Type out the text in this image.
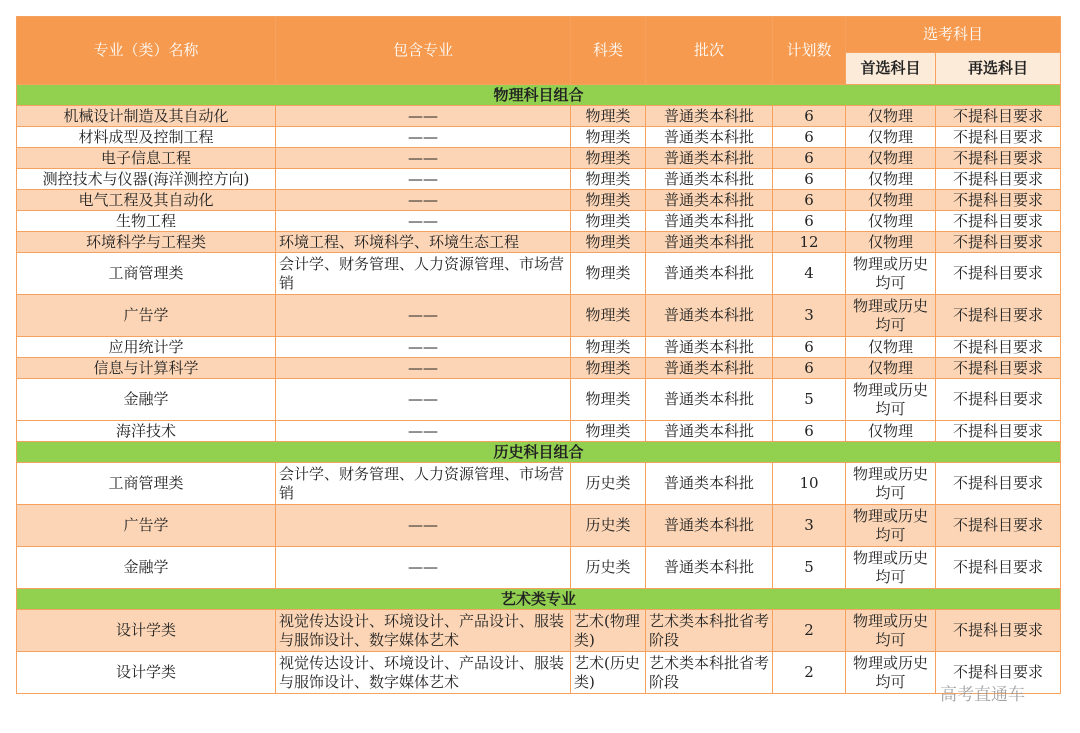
专业（类）名称	包含专业	科类	批次	计划数	选考科目	
					首选科目	再选科目
物理科目组合						
机械设计制造及其自动化	——	物理类	普通类本科批	6	仅物理	不提科目要求
材料成型及控制工程	——	物理类	普通类本科批	6	仅物理	不提科目要求
电子信息工程	——	物理类	普通类本科批	6	仅物理	不提科目要求
测控技术与仪器(海洋测控方向)	——	物理类	普通类本科批	6	仅物理	不提科目要求
电气工程及其自动化	——	物理类	普通类本科批	6	仅物理	不提科目要求
生物工程	——	物理类	普通类本科批	6	仅物理	不提科目要求
环境科学与工程类	环境工程、环境科学、环境生态工程	物理类	普通类本科批	12	仅物理	不提科目要求
工商管理类	会计学、财务管理、人力资源管理、市场营销	物理类	普通类本科批	4	物理或历史均可	不提科目要求
广告学	——	物理类	普通类本科批	3	物理或历史均可	不提科目要求
应用统计学	——	物理类	普通类本科批	6	仅物理	不提科目要求
信息与计算科学	——	物理类	普通类本科批	6	仅物理	不提科目要求
金融学	——	物理类	普通类本科批	5	物理或历史均可	不提科目要求
海洋技术	——	物理类	普通类本科批	6	仅物理	不提科目要求
历史科目组合						
工商管理类	会计学、财务管理、人力资源管理、市场营销	历史类	普通类本科批	10	物理或历史均可	不提科目要求
广告学	——	历史类	普通类本科批	3	物理或历史均可	不提科目要求
金融学	——	历史类	普通类本科批	5	物理或历史均可	不提科目要求
艺术类专业						
设计学类	视觉传达设计、环境设计、产品设计、服装与服饰设计、数字媒体艺术	艺术(物理类)	艺术类本科批省考阶段	2	物理或历史均可	不提科目要求
设计学类	视觉传达设计、环境设计、产品设计、服装与服饰设计、数字媒体艺术	艺术(历史类)	艺术类本科批省考阶段	2	物理或历史均可	不提科目要求
高考直通车
